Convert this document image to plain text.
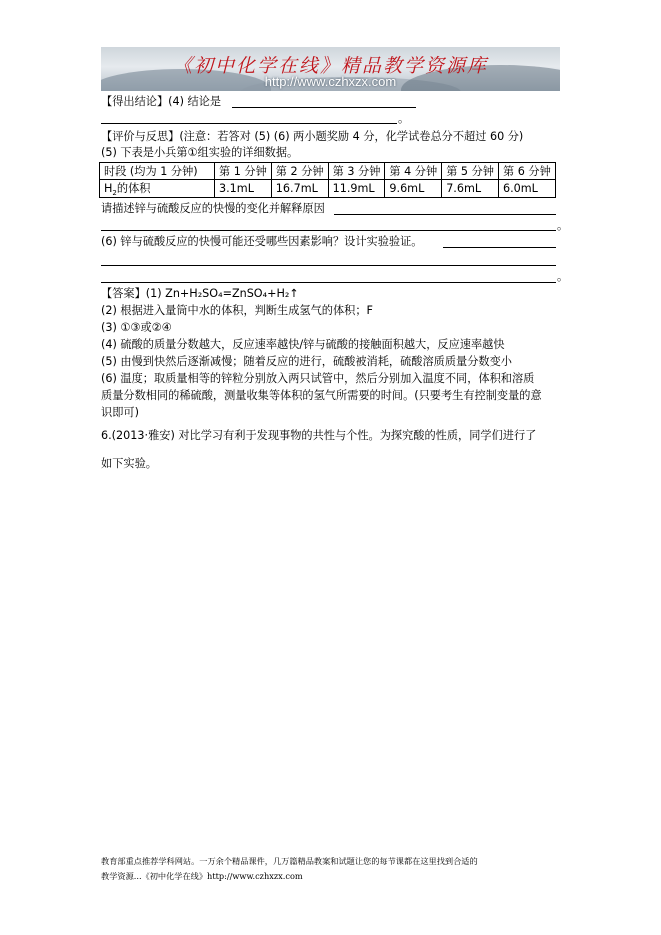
《初中化学在线》精品教学资源库
http://www.czhxzx.com
【得出结论】(4) 结论是
。
【评价与反思】(注意：若答对 (5) (6) 两小题奖励 4 分，化学试卷总分不超过 60 分)
(5) 下表是小兵第①组实验的详细数据。
时段 (均为 1 分钟)	第 1 分钟	第 2 分钟	第 3 分钟	第 4 分钟	第 5 分钟	第 6 分钟
$H_2$的体积	3.1mL	16.7mL	11.9mL	9.6mL	7.6mL	6.0mL
请描述锌与硫酸反应的快慢的变化并解释原因
。
(6) 锌与硫酸反应的快慢可能还受哪些因素影响？设计实验验证。
。
【答案】(1) Zn+H₂SO₄=ZnSO₄+H₂↑
(2) 根据进入量筒中水的体积，判断生成氢气的体积；F
(3) ①③或②④
(4) 硫酸的质量分数越大，反应速率越快/锌与硫酸的接触面积越大，反应速率越快
(5) 由慢到快然后逐渐减慢；随着反应的进行，硫酸被消耗，硫酸溶质质量分数变小
(6) 温度；取质量相等的锌粒分别放入两只试管中，然后分别加入温度不同，体积和溶质
质量分数相同的稀硫酸，测量收集等体积的氢气所需要的时间。(只要考生有控制变量的意
识即可)
6.(2013·雅安) 对比学习有利于发现事物的共性与个性。为探究酸的性质，同学们进行了
如下实验。
教育部重点推荐学科网站。一万余个精品课件，几万篇精品教案和试题让您的每节课都在这里找到合适的
教学资源...《初中化学在线》http://www.czhxzx.com
